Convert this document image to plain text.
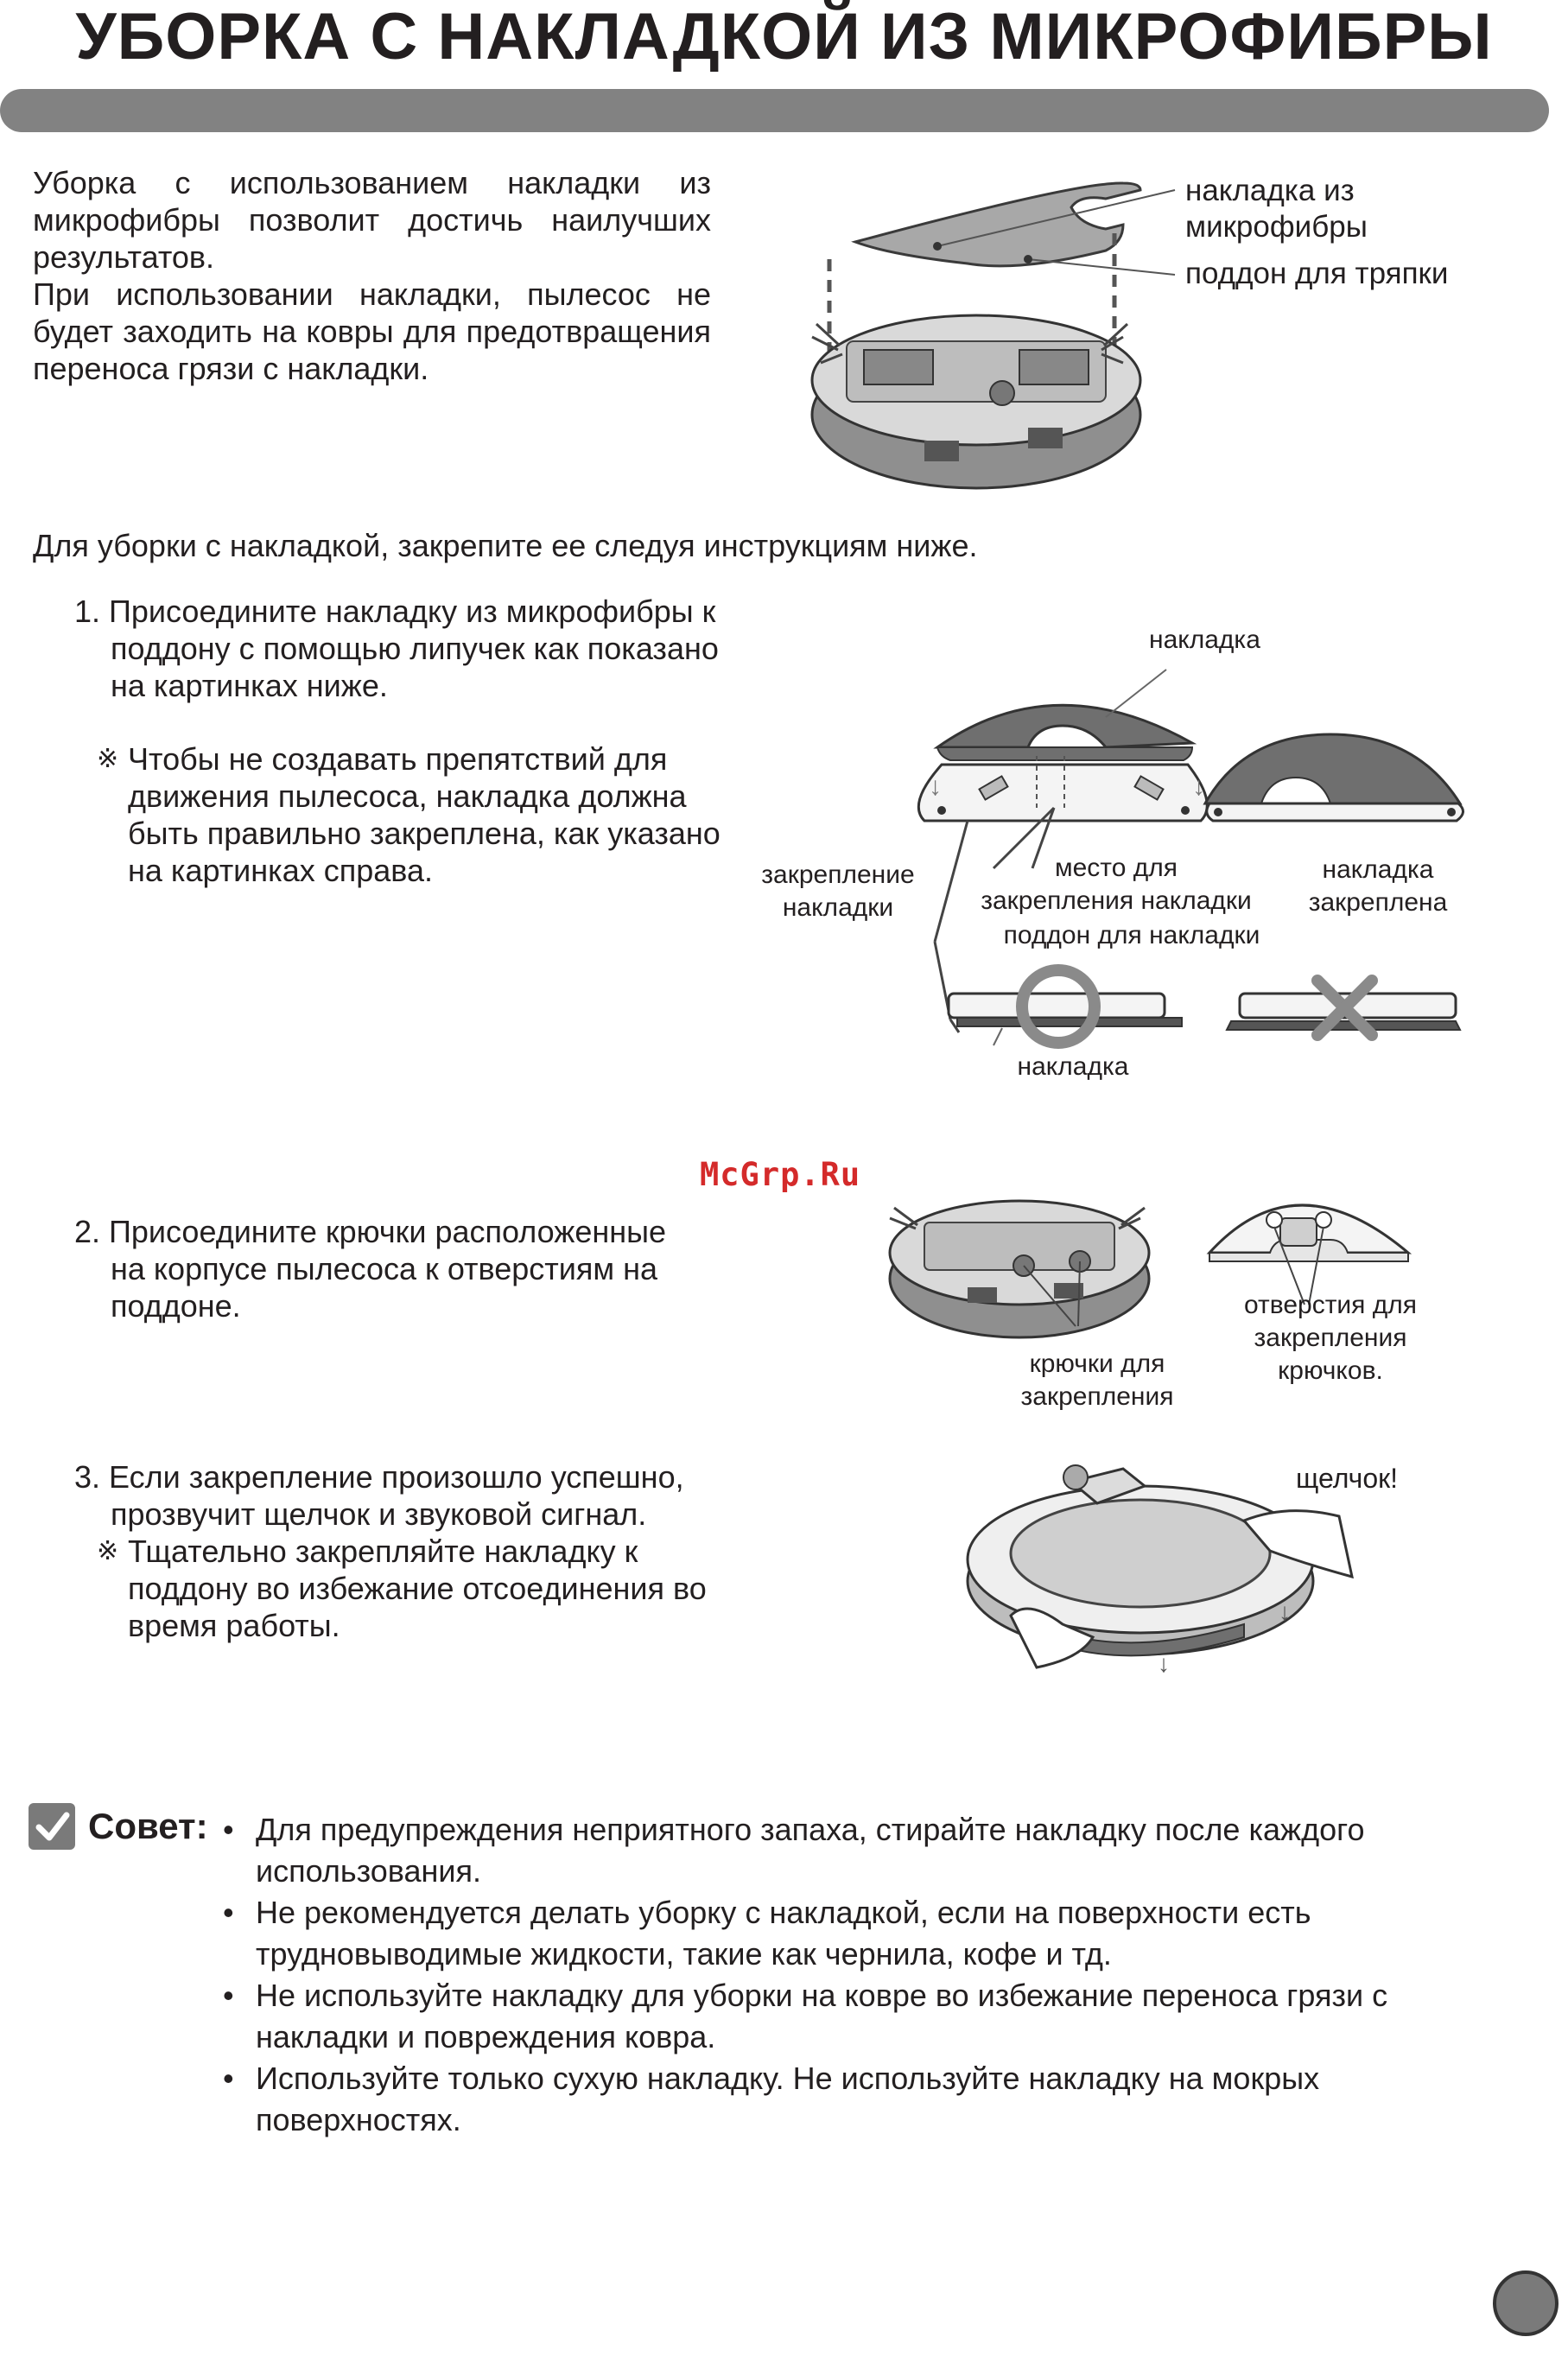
УБОРКА С НАКЛАДКОЙ ИЗ МИКРОФИБРЫ
Уборка с использованием накладки из
микрофибры позволит достичь наилучших
результатов.
При использовании накладки, пылесос не
будет заходить на ковры для предотвращения
переноса грязи с накладки.
накладка из
микрофибры
поддон для тряпки
Для уборки с накладкой, закрепите ее следуя инструкциям ниже.
1. Присоедините накладку из микрофибры к
поддону с помощью липучек как показано
на картинках ниже.
※ Чтобы не создавать препятствий для
движения пылесоса, накладка должна
быть правильно закреплена, как указано
на картинках справа.
↓	↓
накладка
закрепление
накладки
место для
закрепления накладки
накладка
закреплена
поддон для накладки
накладка
McGrp.Ru
2. Присоедините крючки расположенные
на корпусе пылесоса к отверстиям на
поддоне.
крючки для
закрепления
отверстия для
закрепления
крючков.
3. Если закрепление произошло успешно,
прозвучит щелчок и звуковой сигнал.
※ Тщательно закрепляйте накладку к
поддону во избежание отсоединения во
время работы.	↓
↓
щелчок!
Совет: • Для предупреждения неприятного запаха, стирайте накладку после каждого
использования.
• Не рекомендуется делать уборку с накладкой, если на поверхности есть
трудновыводимые жидкости, такие как чернила, кофе и тд.
• Не используйте накладку для уборки на ковре во избежание переноса грязи с
накладки и повреждения ковра.
• Используйте только сухую накладку. Не используйте накладку на мокрых
поверхностях.
